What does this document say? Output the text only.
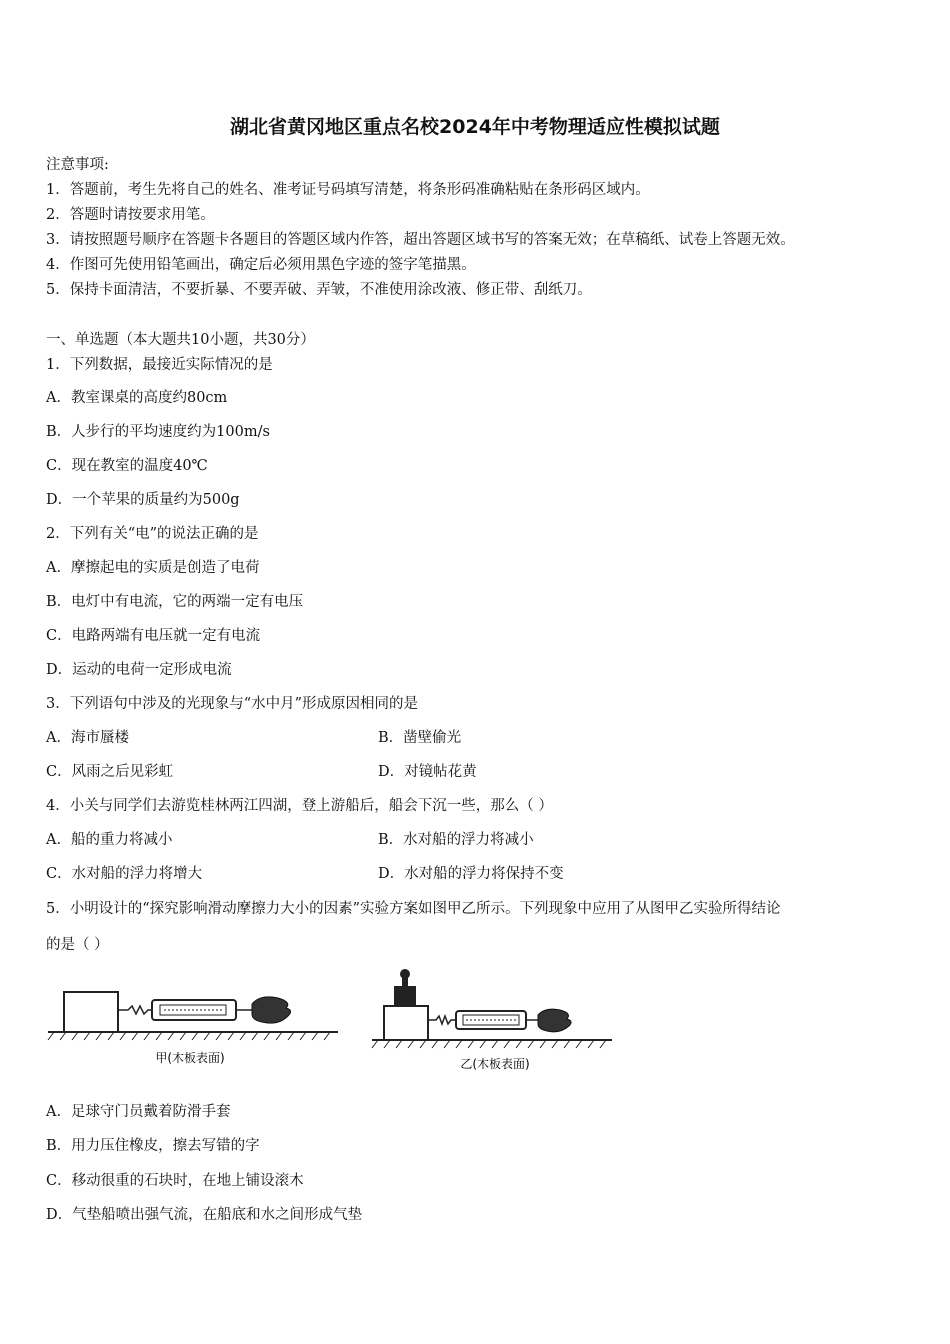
湖北省黄冈地区重点名校2024年中考物理适应性模拟试题
注意事项:
1．答题前，考生先将自己的姓名、准考证号码填写清楚，将条形码准确粘贴在条形码区域内。
2．答题时请按要求用笔。
3．请按照题号顺序在答题卡各题目的答题区域内作答，超出答题区域书写的答案无效；在草稿纸、试卷上答题无效。
4．作图可先使用铅笔画出，确定后必须用黑色字迹的签字笔描黑。
5．保持卡面清洁，不要折暴、不要弄破、弄皱，不准使用涂改液、修正带、刮纸刀。
一、单选题（本大题共10小题，共30分）
1．下列数据，最接近实际情况的是
A．教室课桌的高度约80cm
B．人步行的平均速度约为100m/s
C．现在教室的温度40℃
D．一个苹果的质量约为500g
2．下列有关“电”的说法正确的是
A．摩擦起电的实质是创造了电荷
B．电灯中有电流，它的两端一定有电压
C．电路两端有电压就一定有电流
D．运动的电荷一定形成电流
3．下列语句中涉及的光现象与“水中月”形成原因相同的是
A．海市蜃楼	B．凿壁偷光
C．风雨之后见彩虹	D．对镜帖花黄
4．小关与同学们去游览桂林两江四湖，登上游船后，船会下沉一些，那么（ ）
A．船的重力将减小	B．水对船的浮力将减小
C．水对船的浮力将增大	D．水对船的浮力将保持不变
5．小明设计的“探究影响滑动摩擦力大小的因素”实验方案如图甲乙所示。下列现象中应用了从图甲乙实验所得结论
的是（ ）
甲(木板表面)	乙(木板表面)
A．足球守门员戴着防滑手套
B．用力压住橡皮，擦去写错的字
C．移动很重的石块时，在地上铺设滚木
D．气垫船喷出强气流，在船底和水之间形成气垫
